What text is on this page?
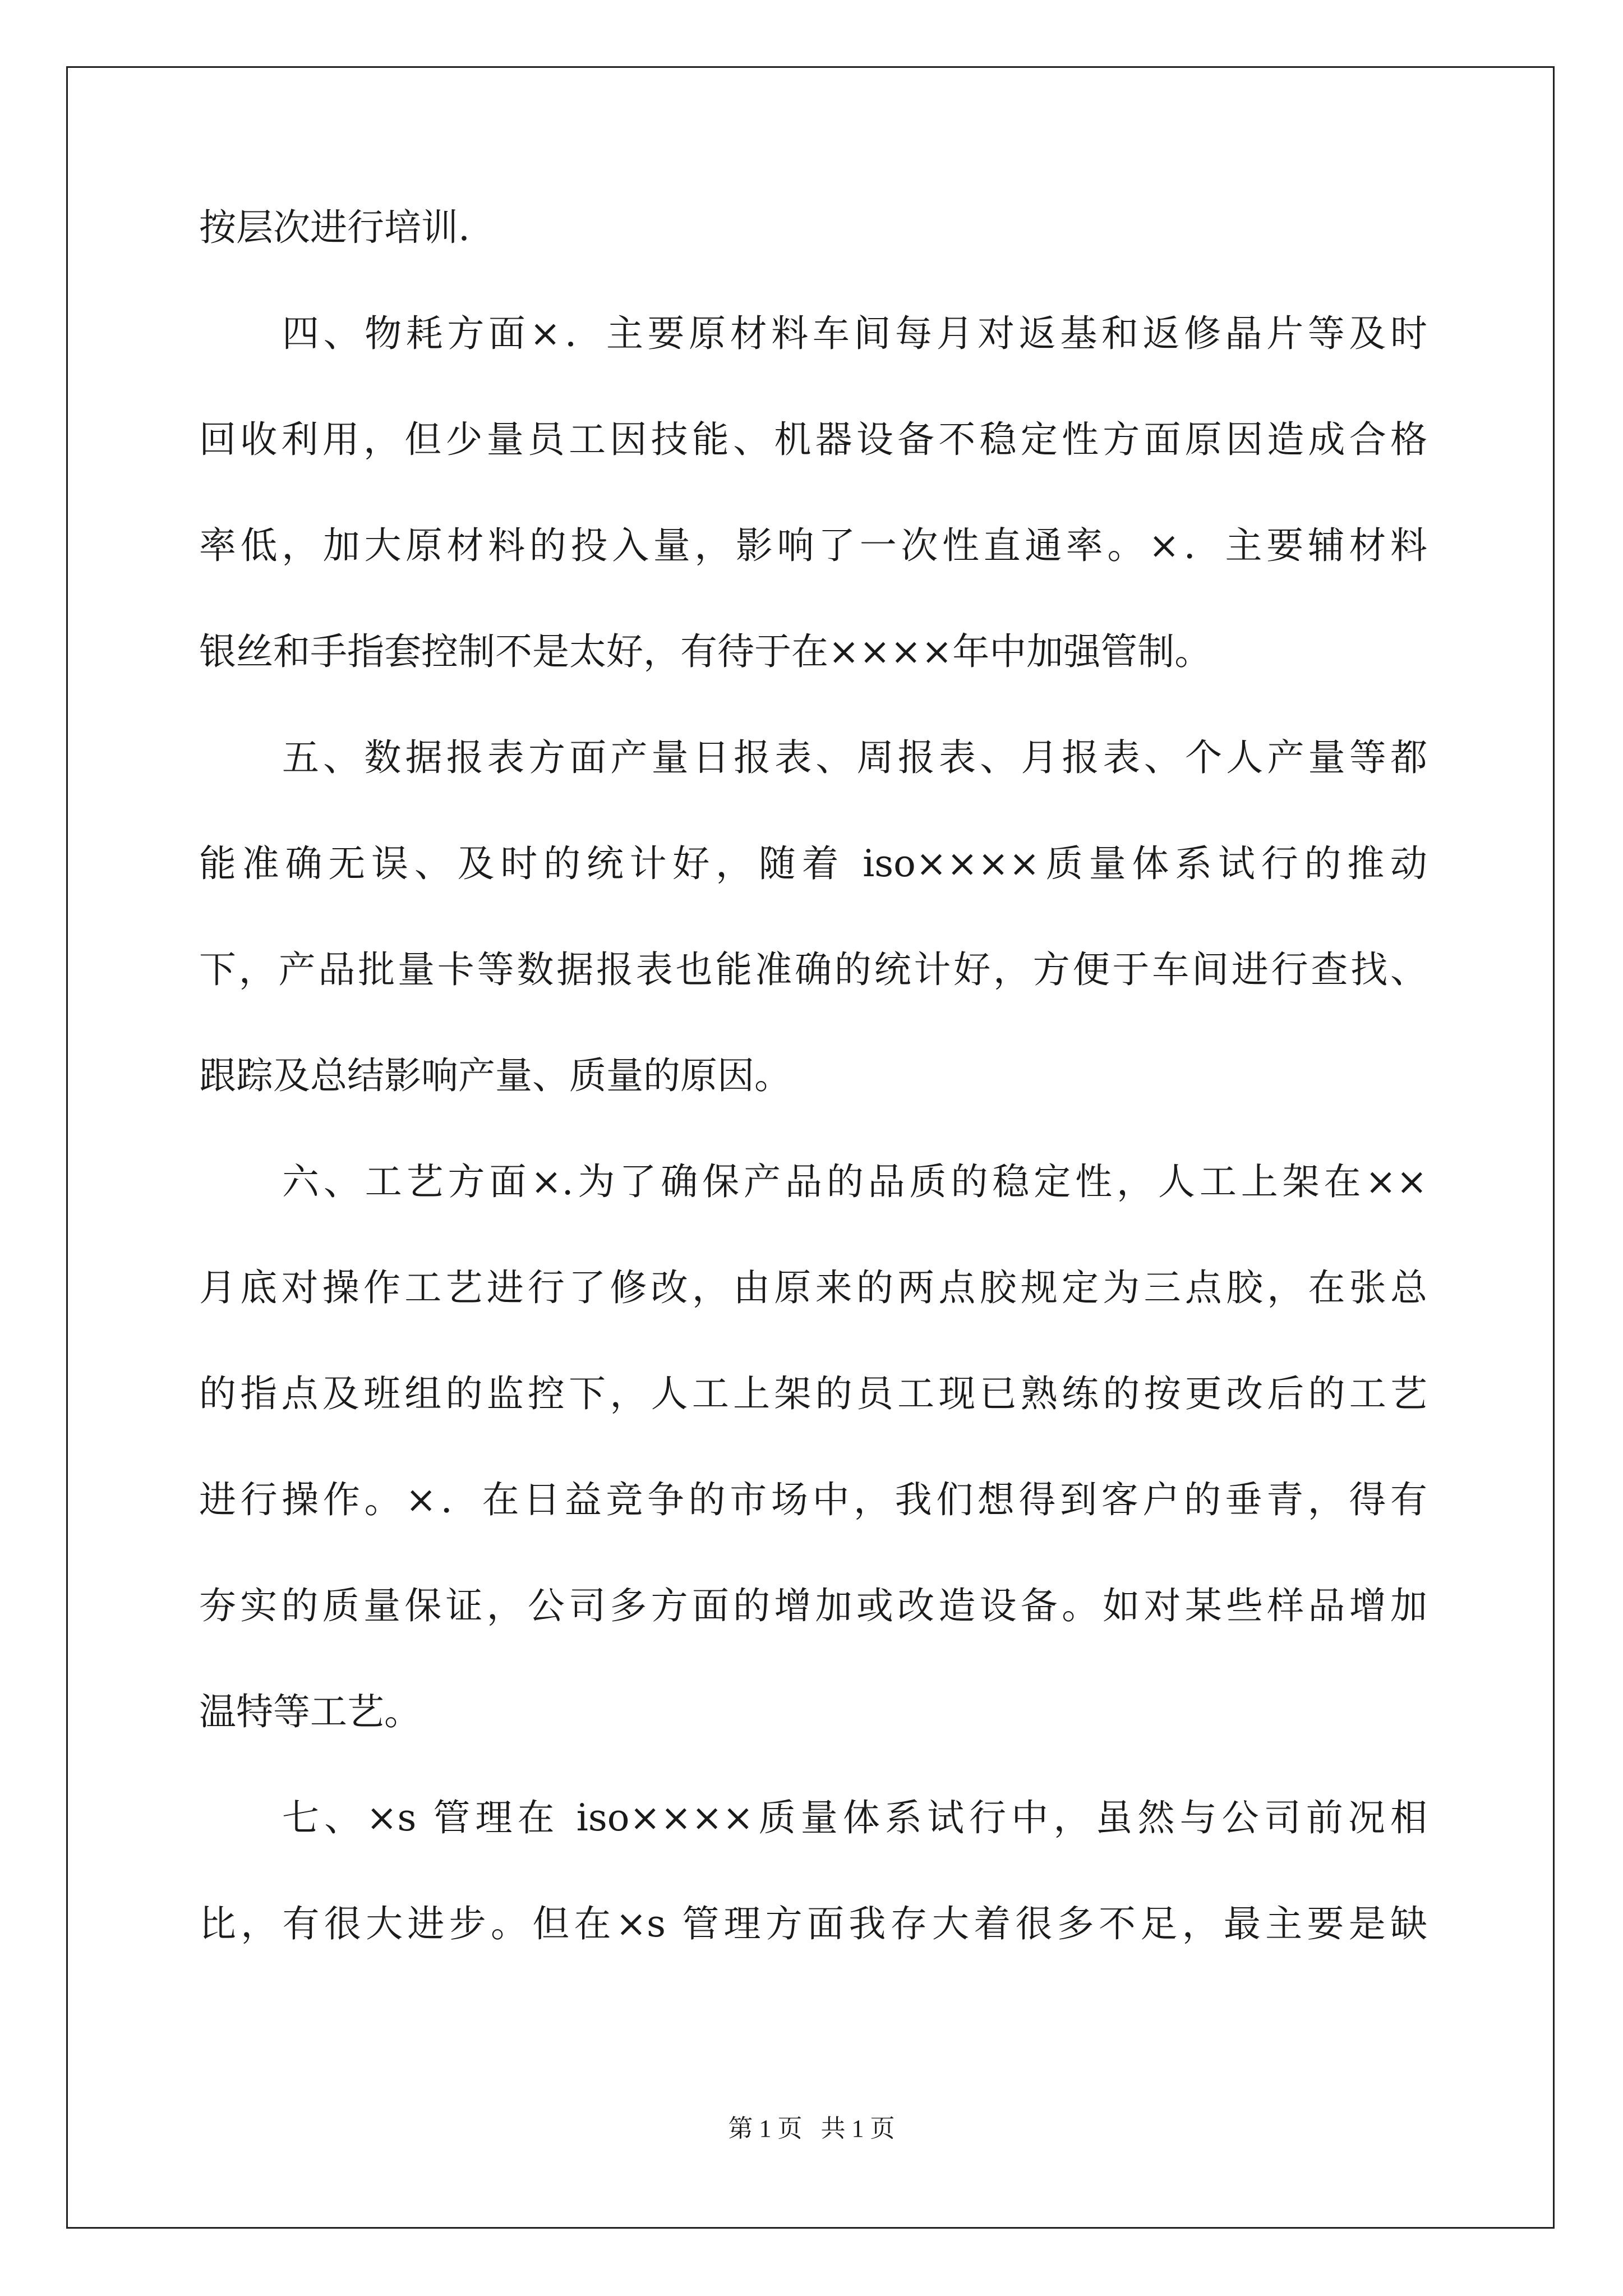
按层次进行培训.
四、物耗方面×．主要原材料车间每月对返基和返修晶片等及时
回收利用，但少量员工因技能、机器设备不稳定性方面原因造成合格
率低，加大原材料的投入量，影响了一次性直通率。×．主要辅材料
银丝和手指套控制不是太好，有待于在××××年中加强管制。
五、数据报表方面产量日报表、周报表、月报表、个人产量等都
能准确无误、及时的统计好，随着 iso××××质量体系试行的推动
下，产品批量卡等数据报表也能准确的统计好，方便于车间进行查找、
跟踪及总结影响产量、质量的原因。
六、工艺方面×.为了确保产品的品质的稳定性，人工上架在××
月底对操作工艺进行了修改，由原来的两点胶规定为三点胶，在张总
的指点及班组的监控下，人工上架的员工现已熟练的按更改后的工艺
进行操作。×．在日益竞争的市场中，我们想得到客户的垂青，得有
夯实的质量保证，公司多方面的增加或改造设备。如对某些样品增加
温特等工艺。
七、×s 管理在 iso××××质量体系试行中，虽然与公司前况相
比，有很大进步。但在×s 管理方面我存大着很多不足，最主要是缺
第 1 页   共 1 页
